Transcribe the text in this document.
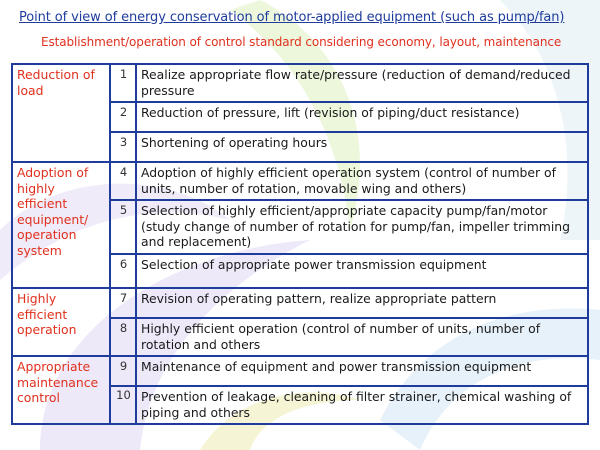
Point of view of energy conservation of motor-applied equipment (such as pump/fan)

Establishment/operation of control standard considering economy, layout, maintenance

Reduction of load	1	Realize appropriate flow rate/pressure (reduction of demand/reduced pressure
	2	Reduction of pressure, lift (revision of piping/duct resistance)
	3	Shortening of operating hours
Adoption of highly efficient equipment/ operation system	4	Adoption of highly efficient operation system (control of number of units, number of rotation, movable wing and others)
	5	Selection of highly efficient/appropriate capacity pump/fan/motor (study change of number of rotation for pump/fan, impeller trimming and replacement)
	6	Selection of appropriate power transmission equipment
Highly efficient operation	7	Revision of operating pattern, realize appropriate pattern
	8	Highly efficient operation (control of number of units, number of rotation and others
Appropriate maintenance control	9	Maintenance of equipment and power transmission equipment
	10	Prevention of leakage, cleaning of filter strainer, chemical washing of piping and others
